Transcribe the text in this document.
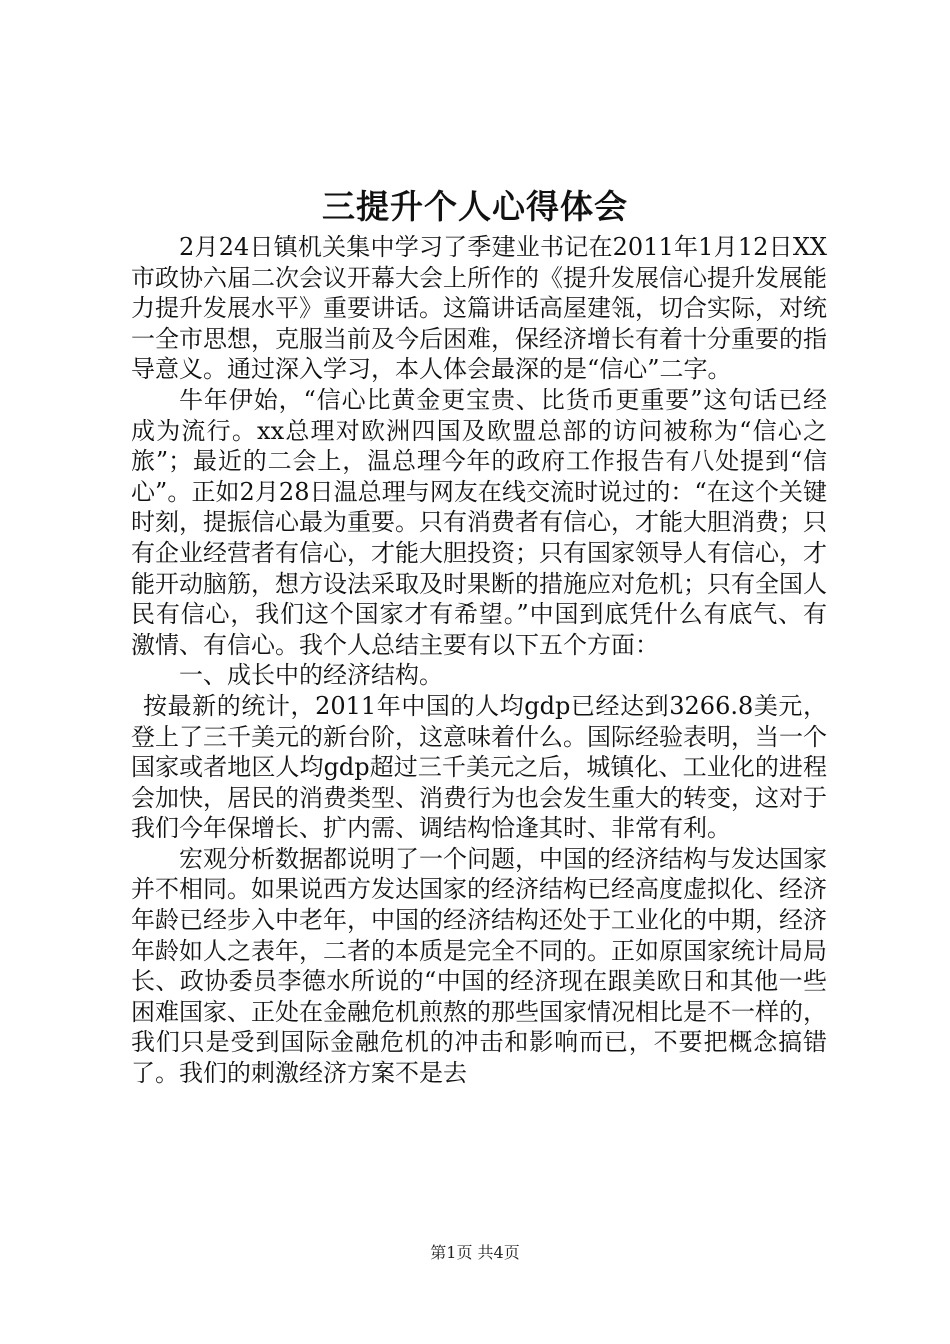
三提升个人心得体会

2月24日镇机关集中学习了季建业书记在2011年1月12日XX市政协六届二次会议开幕大会上所作的《提升发展信心提升发展能力提升发展水平》重要讲话。这篇讲话高屋建瓴，切合实际，对统一全市思想，克服当前及今后困难，保经济增长有着十分重要的指导意义。通过深入学习，本人体会最深的是“信心”二字。

牛年伊始，“信心比黄金更宝贵、比货币更重要”这句话已经成为流行。xx总理对欧洲四国及欧盟总部的访问被称为“信心之旅”；最近的二会上，温总理今年的政府工作报告有八处提到“信心”。正如2月28日温总理与网友在线交流时说过的：“在这个关键时刻，提振信心最为重要。只有消费者有信心，才能大胆消费；只有企业经营者有信心，才能大胆投资；只有国家领导人有信心，才能开动脑筋，想方设法采取及时果断的措施应对危机；只有全国人民有信心，我们这个国家才有希望。”中国到底凭什么有底气、有激情、有信心。我个人总结主要有以下五个方面：

一、成长中的经济结构。

按最新的统计，2011年中国的人均gdp已经达到3266.8美元，登上了三千美元的新台阶，这意味着什么。国际经验表明，当一个国家或者地区人均gdp超过三千美元之后，城镇化、工业化的进程会加快，居民的消费类型、消费行为也会发生重大的转变，这对于我们今年保增长、扩内需、调结构恰逢其时、非常有利。

宏观分析数据都说明了一个问题，中国的经济结构与发达国家并不相同。如果说西方发达国家的经济结构已经高度虚拟化、经济年龄已经步入中老年，中国的经济结构还处于工业化的中期，经济年龄如人之表年，二者的本质是完全不同的。正如原国家统计局局长、政协委员李德水所说的“中国的经济现在跟美欧日和其他一些困难国家、正处在金融危机煎熬的那些国家情况相比是不一样的，我们只是受到国际金融危机的冲击和影响而已，不要把概念搞错了。我们的刺激经济方案不是去

第1页 共4页
